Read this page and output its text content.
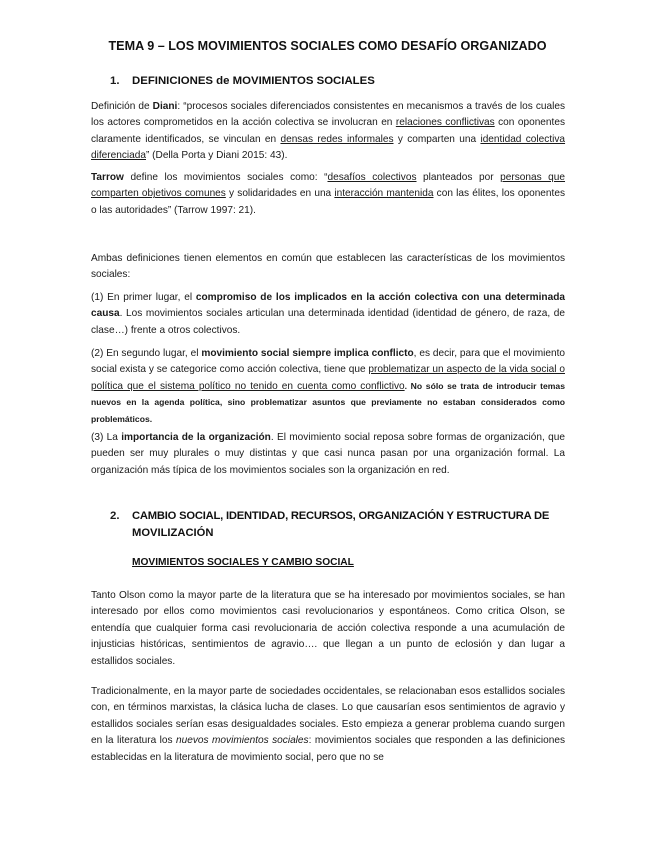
TEMA 9 – LOS MOVIMIENTOS SOCIALES COMO DESAFÍO ORGANIZADO
1. DEFINICIONES de MOVIMIENTOS SOCIALES

Definición de Diani: “procesos sociales diferenciados consistentes en mecanismos a través de los cuales los actores comprometidos en la acción colectiva se involucran en relaciones conflictivas con oponentes claramente identificados, se vinculan en densas redes informales y comparten una identidad colectiva diferenciada” (Della Porta y Diani 2015: 43).

Tarrow define los movimientos sociales como: “desafíos colectivos planteados por personas que comparten objetivos comunes y solidaridades en una interacción mantenida con las élites, los oponentes o las autoridades” (Tarrow 1997: 21).

Ambas definiciones tienen elementos en común que establecen las características de los movimientos sociales:

(1) En primer lugar, el compromiso de los implicados en la acción colectiva con una determinada causa. Los movimientos sociales articulan una determinada identidad (identidad de género, de raza, de clase…) frente a otros colectivos.

(2) En segundo lugar, el movimiento social siempre implica conflicto, es decir, para que el movimiento social exista y se categorice como acción colectiva, tiene que problematizar un aspecto de la vida social o política que el sistema político no tenido en cuenta como conflictivo. No sólo se trata de introducir temas nuevos en la agenda política, sino problematizar asuntos que previamente no estaban considerados como problemáticos.

(3) La importancia de la organización. El movimiento social reposa sobre formas de organización, que pueden ser muy plurales o muy distintas y que casi nunca pasan por una organización formal. La organización más típica de los movimientos sociales son la organización en red.

2. CAMBIO SOCIAL, IDENTIDAD, RECURSOS, ORGANIZACIÓN Y ESTRUCTURA DE
MOVILIZACIÓN
MOVIMIENTOS SOCIALES Y CAMBIO SOCIAL

Tanto Olson como la mayor parte de la literatura que se ha interesado por movimientos sociales, se han interesado por ellos como movimientos casi revolucionarios y espontáneos. Como critica Olson, se entendía que cualquier forma casi revolucionaria de acción colectiva responde a una acumulación de injusticias históricas, sentimientos de agravio…. que llegan a un punto de eclosión y dan lugar a estallidos sociales.

Tradicionalmente, en la mayor parte de sociedades occidentales, se relacionaban esos estallidos sociales con, en términos marxistas, la clásica lucha de clases. Lo que causarían esos sentimientos de agravio y estallidos sociales serían esas desigualdades sociales. Esto empieza a generar problema cuando surgen en la literatura los nuevos movimientos sociales: movimientos sociales que responden a las definiciones establecidas en la literatura de movimiento social, pero que no se
